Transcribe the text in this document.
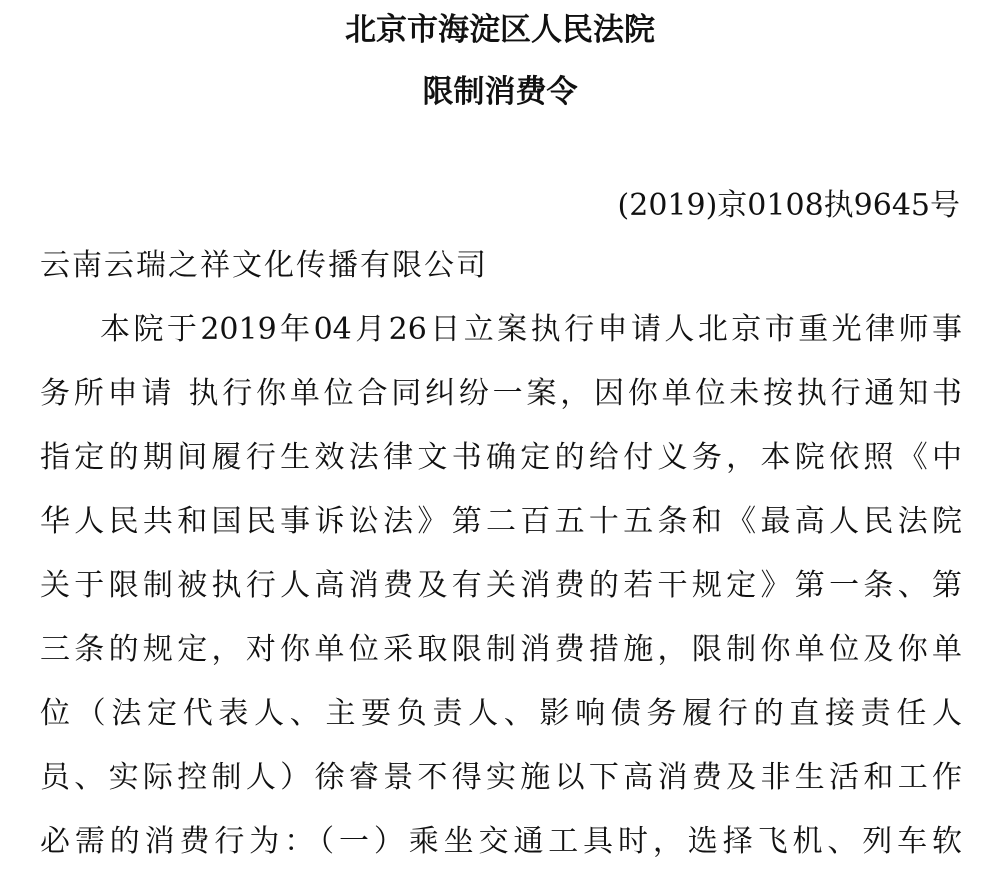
北京市海淀区人民法院
限制消费令
(2019)京0108执9645号
云南云瑞之祥文化传播有限公司
本院于2019年04月26日立案执行申请人北京市重光律师事
务所申请 执行你单位合同纠纷一案，因你单位未按执行通知书
指定的期间履行生效法律文书确定的给付义务，本院依照《中
华人民共和国民事诉讼法》第二百五十五条和《最高人民法院
关于限制被执行人高消费及有关消费的若干规定》第一条、第
三条的规定，对你单位采取限制消费措施，限制你单位及你单
位（法定代表人、主要负责人、影响债务履行的直接责任人
员、实际控制人）徐睿景不得实施以下高消费及非生活和工作
必需的消费行为：（一）乘坐交通工具时，选择飞机、列车软
